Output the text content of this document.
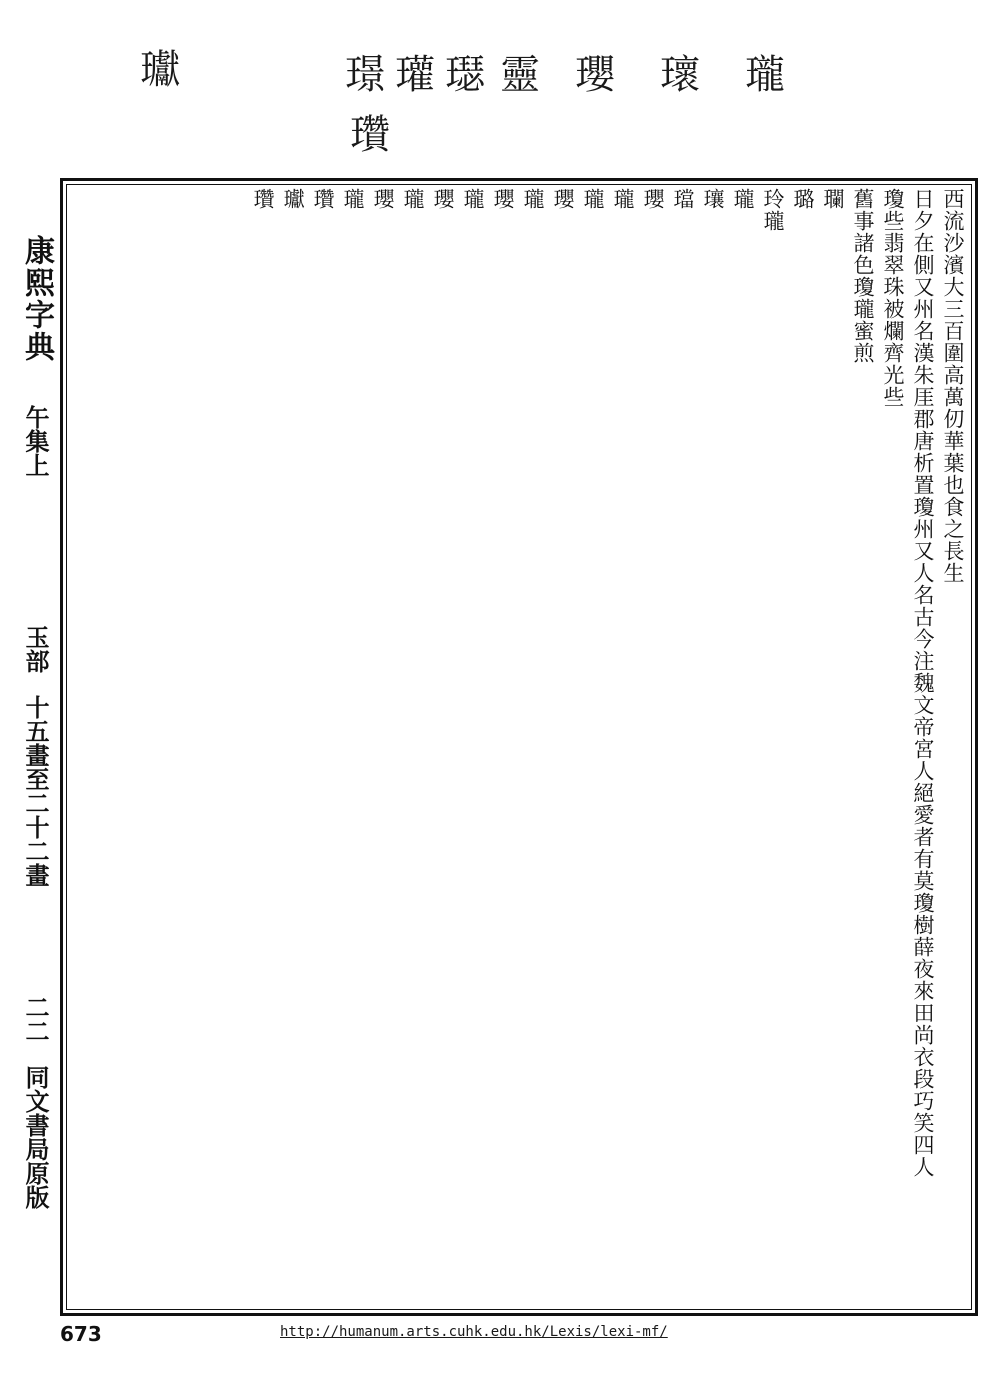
瓛	璟 瓘 璱 靈
瓚
瓔 瓌 瓏
康熙字典
午集上
玉部
十五畫至二十二畫
二二
同文書局原版
西流沙濱大三百圍高萬仞華葉也食之長生
日夕在側又州名漢朱厓郡唐析置瓊州又人名古今注魏文帝宮人絕愛者有莫瓊樹薛夜來田尚衣段巧笑四人
瓊些翡翠珠被爛齊光些
舊事諸色瓊瓏蜜煎
瓓
璐
玲瓏
瓏
瓖
璫
瓔
瓏
瓏
瓔
瓏
瓔
瓏
瓔
瓏
瓔
瓏
瓚
瓛
瓚
673	http://humanum.arts.cuhk.edu.hk/Lexis/lexi-mf/
